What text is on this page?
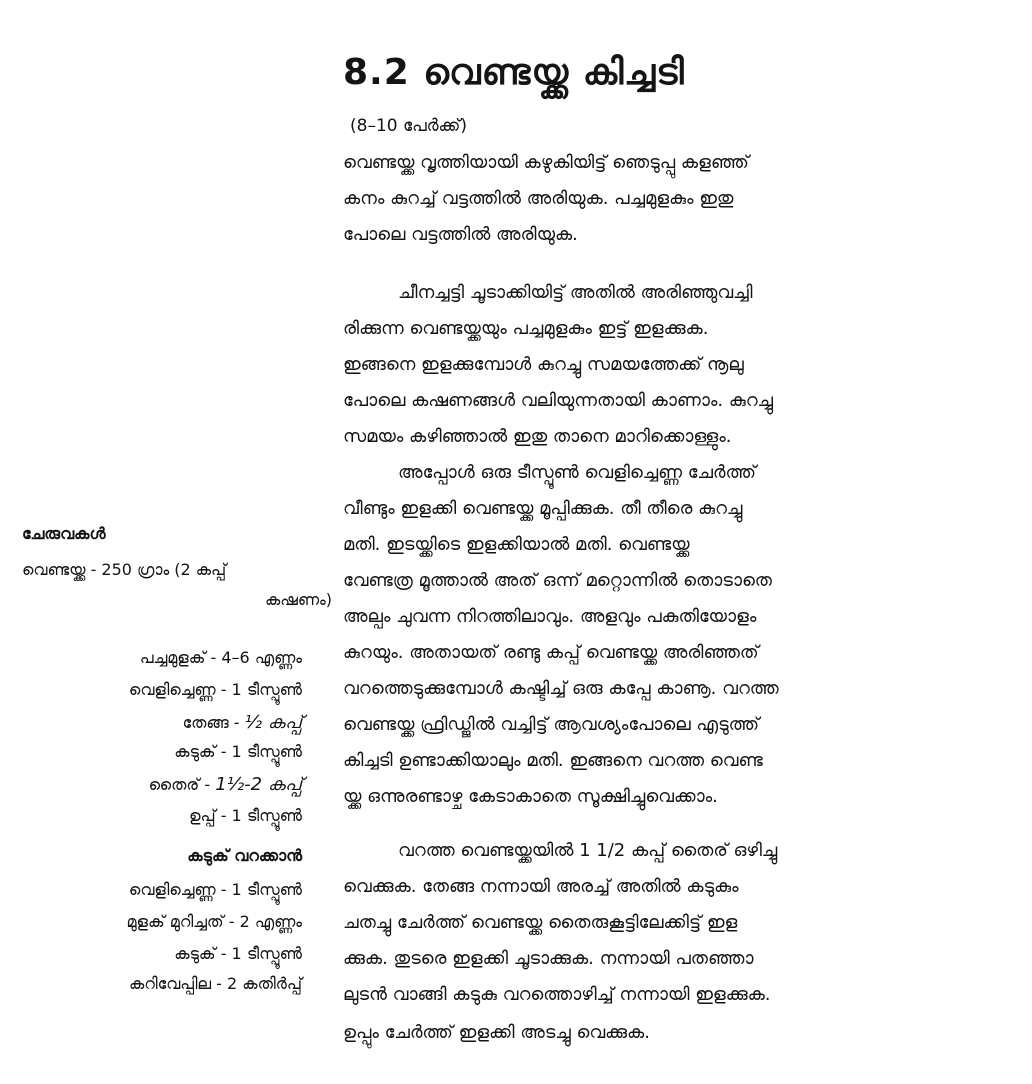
8.2 വെണ്ടയ്ക്ക കിച്ചടി
(8–10 പേർക്ക്)
വെണ്ടയ്ക്ക വൃത്തിയായി കഴുകിയിട്ട് ഞെടുപ്പു കളഞ്ഞ്
കനം കുറച്ച് വട്ടത്തിൽ അരിയുക. പച്ചമുളകും ഇതു
പോലെ വട്ടത്തിൽ അരിയുക.
ചീനച്ചട്ടി ചൂടാക്കിയിട്ട് അതിൽ അരിഞ്ഞുവച്ചി
രിക്കുന്ന വെണ്ടയ്ക്കയും പച്ചമുളകും ഇട്ട് ഇളക്കുക.
ഇങ്ങനെ ഇളക്കുമ്പോൾ കുറച്ചു സമയത്തേക്ക് നൂലു
പോലെ കഷണങ്ങൾ വലിയുന്നതായി കാണാം. കുറച്ചു
സമയം കഴിഞ്ഞാൽ ഇതു താനെ മാറിക്കൊള്ളും.
അപ്പോൾ ഒരു ടീസ്പൂൺ വെളിച്ചെണ്ണ ചേർത്ത്
വീണ്ടും ഇളക്കി വെണ്ടയ്ക്ക മൂപ്പിക്കുക. തീ തീരെ കുറച്ചു
മതി. ഇടയ്ക്കിടെ ഇളക്കിയാൽ മതി. വെണ്ടയ്ക്ക
വേണ്ടത്ര മൂത്താൽ അത് ഒന്ന് മറ്റൊന്നിൽ തൊടാതെ
അല്പം ചുവന്ന നിറത്തിലാവും. അളവും പകുതിയോളം
കുറയും. അതായത് രണ്ടു കപ്പ് വെണ്ടയ്ക്ക അരിഞ്ഞത്
വറത്തെടുക്കുമ്പോൾ കഷ്ടിച്ച് ഒരു കപ്പേ കാണൂ. വറത്ത
വെണ്ടയ്ക്ക ഫ്രിഡ്ജിൽ വച്ചിട്ട് ആവശ്യംപോലെ എടുത്ത്
കിച്ചടി ഉണ്ടാക്കിയാലും മതി. ഇങ്ങനെ വറത്ത വെണ്ട
യ്ക്ക ഒന്നുരണ്ടാഴ്ച കേടാകാതെ സൂക്ഷിച്ചുവെക്കാം.
വറത്ത വെണ്ടയ്ക്കയിൽ 1 1/2 കപ്പ് തൈര് ഒഴിച്ചു
വെക്കുക. തേങ്ങ നന്നായി അരച്ച് അതിൽ കടുകും
ചതച്ചു ചേർത്ത് വെണ്ടയ്ക്ക തൈരുകൂട്ടിലേക്കിട്ട് ഇള
ക്കുക. തുടരെ ഇളക്കി ചൂടാക്കുക. നന്നായി പതഞ്ഞാ
ലുടൻ വാങ്ങി കടുകു വറത്തൊഴിച്ച് നന്നായി ഇളക്കുക.
ഉപ്പും ചേർത്ത് ഇളക്കി അടച്ചു വെക്കുക.
ചേരുവകൾ
വെണ്ടയ്ക്ക - 250 ഗ്രാം (2 കപ്പ്
കഷണം)
പച്ചമുളക് - 4–6 എണ്ണം
വെളിച്ചെണ്ണ - 1 ടീസ്പൂൺ
തേങ്ങ - ½ കപ്പ്
കടുക് - 1 ടീസ്പൂൺ
തൈര് - 1½-2 കപ്പ്
ഉപ്പ് - 1 ടീസ്പൂൺ
കടുക് വറക്കാൻ
വെളിച്ചെണ്ണ - 1 ടീസ്പൂൺ
മുളക് മുറിച്ചത് - 2 എണ്ണം
കടുക് - 1 ടീസ്പൂൺ
കറിവേപ്പില - 2 കതിർപ്പ്
